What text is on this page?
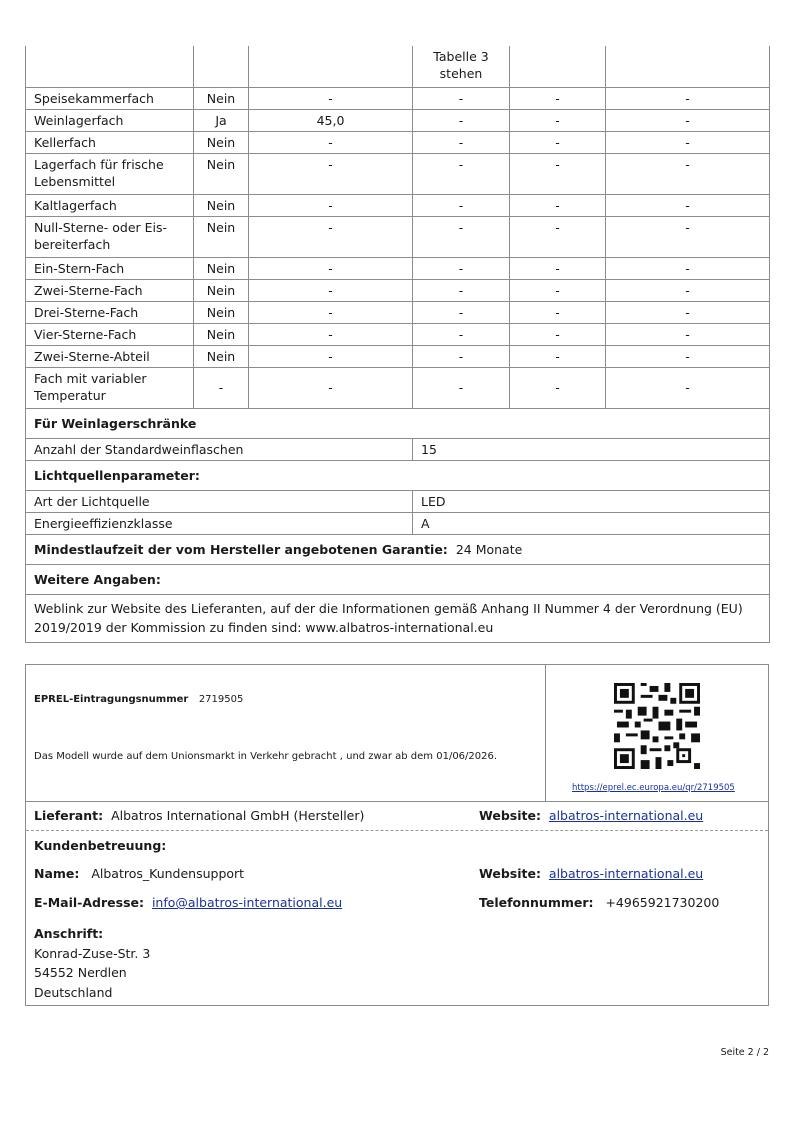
			Tabelle 3
stehen		
Speisekammerfach	Nein	-	-	-	-
Weinlagerfach	Ja	45,0	-	-	-
Kellerfach	Nein	-	-	-	-
Lagerfach für frische Lebensmittel	Nein	-	-	-	-
Kaltlagerfach	Nein	-	-	-	-
Null-Sterne- oder Eis-bereiterfach	Nein	-	-	-	-
Ein-Stern-Fach	Nein	-	-	-	-
Zwei-Sterne-Fach	Nein	-	-	-	-
Drei-Sterne-Fach	Nein	-	-	-	-
Vier-Sterne-Fach	Nein	-	-	-	-
Zwei-Sterne-Abteil	Nein	-	-	-	-
Fach mit variabler Temperatur	-	-	-	-	-
Für Weinlagerschränke					
Anzahl der Standardweinflaschen			15		
Lichtquellenparameter:					
Art der Lichtquelle			LED		
Energieeffizienzklasse			A		
Mindestlaufzeit der vom Hersteller angebotenen Garantie: 24 Monate					
Weitere Angaben:					
Weblink zur Website des Lieferanten, auf der die Informationen gemäß Anhang II Nummer 4 der Verordnung (EU) 2019/2019 der Kommission zu finden sind: www.albatros-international.eu					
EPREL-Eintragungsnummer 2719505
Das Modell wurde auf dem Unionsmarkt in Verkehr gebracht , und zwar ab dem 01/06/2026.
https://eprel.ec.europa.eu/qr/2719505
Lieferant: Albatros International GmbH (Hersteller)	Website: albatros-international.eu
Kundenbetreuung:
Name: Albatros_Kundensupport	Website: albatros-international.eu
E-Mail-Adresse: info@albatros-international.eu	Telefonnummer: +4965921730200
Anschrift:
Konrad-Zuse-Str. 3
54552 Nerdlen
Deutschland
Seite 2 / 2
